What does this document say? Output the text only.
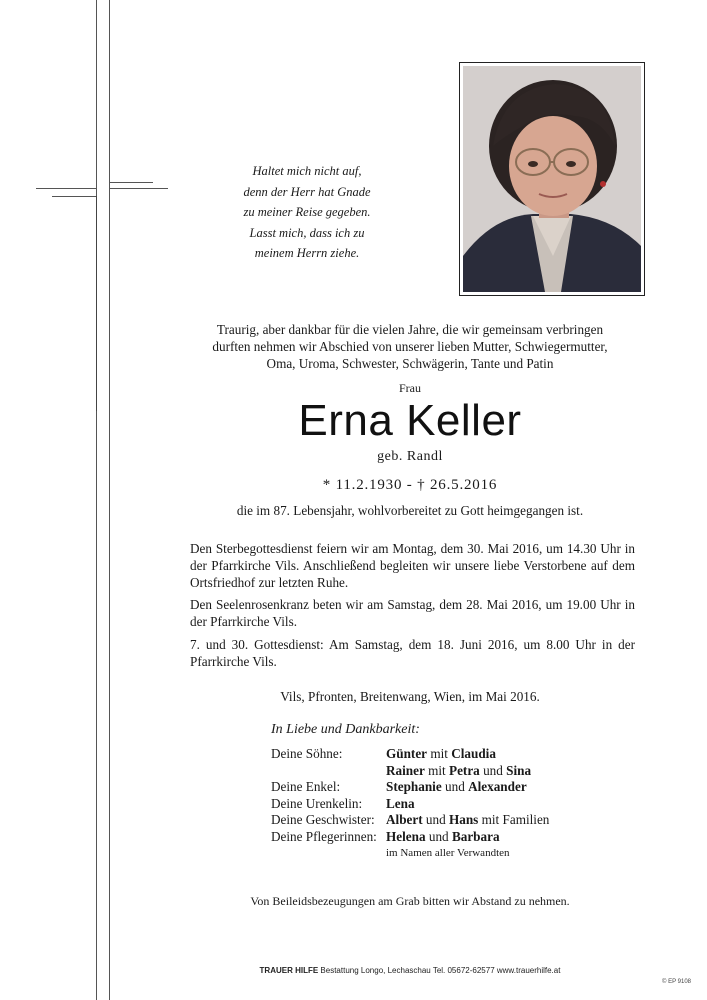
Haltet mich nicht auf,
denn der Herr hat Gnade
zu meiner Reise gegeben.
Lasst mich, dass ich zu
meinem Herrn ziehe.
Traurig, aber dankbar für die vielen Jahre, die wir gemeinsam verbringen
durften nehmen wir Abschied von unserer lieben Mutter, Schwiegermutter,
Oma, Uroma, Schwester, Schwägerin, Tante und Patin
Frau
Erna Keller
geb. Randl
* 11.2.1930 - † 26.5.2016
die im 87. Lebensjahr, wohlvorbereitet zu Gott heimgegangen ist.
Den Sterbegottesdienst feiern wir am Montag, dem 30. Mai 2016, um 14.30 Uhr in der Pfarrkirche Vils. Anschließend begleiten wir unsere liebe Verstorbene auf dem Ortsfriedhof zur letzten Ruhe.
Den Seelenrosenkranz beten wir am Samstag, dem 28. Mai 2016, um 19.00 Uhr in der Pfarrkirche Vils.
7. und 30. Gottesdienst: Am Samstag, dem 18. Juni 2016, um 8.00 Uhr in der Pfarrkirche Vils.
Vils, Pfronten, Breitenwang, Wien, im Mai 2016.
In Liebe und Dankbarkeit:
Deine Söhne:	Günter mit Claudia
Rainer mit Petra und Sina
Deine Enkel:	Stephanie und Alexander
Deine Urenkelin: Lena
Deine Geschwister: Albert und Hans mit Familien
Deine Pflegerinnen: Helena und Barbara
im Namen aller Verwandten
Von Beileidsbezeugungen am Grab bitten wir Abstand zu nehmen.
TRAUER HILFE Bestattung Longo, Lechaschau Tel. 05672-62577 www.trauerhilfe.at
© EP 9108
